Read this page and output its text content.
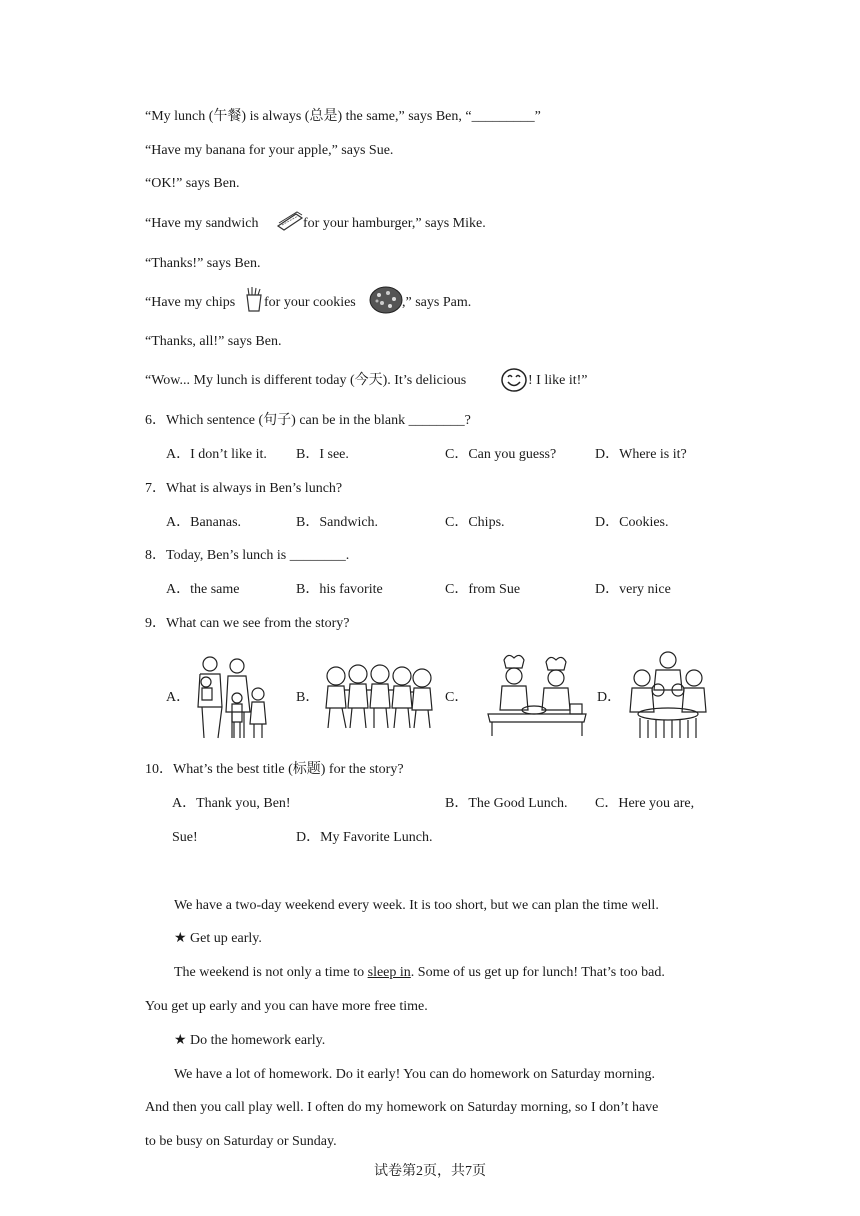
“My lunch (午餐) is always (总是) the same,” says Ben, “_________”
“Have my banana for your apple,” says Sue.
“OK!” says Ben.
“Have my sandwich	for your hamburger,” says Mike.
“Thanks!” says Ben.
“Have my chips for your cookies	,” says Pam.
“Thanks, all!” says Ben.
“Wow... My lunch is different today (今天). It’s delicious	! I like it!”
6．Which sentence (句子) can be in the blank ________?
A．I don’t like it. B．I see.	C．Can you guess?	D．Where is it?
7．What is always in Ben’s lunch?
A．Bananas.	B．Sandwich.	C．Chips.	D．Cookies.
8．Today, Ben’s lunch is ________.
A．the same	B．his favorite	C．from Sue	D．very nice
9．What can we see from the story?
A．	B．	C．	D．
10．What’s the best title (标题) for the story?
A．Thank you, Ben!	B．The Good Lunch. C．Here you are,
Sue!	D．My Favorite Lunch.
We have a two-day weekend every week. It is too short, but we can plan the time well.
★ Get up early.
The weekend is not only a time to sleep in. Some of us get up for lunch! That’s too bad.
You get up early and you can have more free time.
★ Do the homework early.
We have a lot of homework. Do it early! You can do homework on Saturday morning.
And then you call play well. I often do my homework on Saturday morning, so I don’t have
to be busy on Saturday or Sunday.
试卷第2页，共7页
